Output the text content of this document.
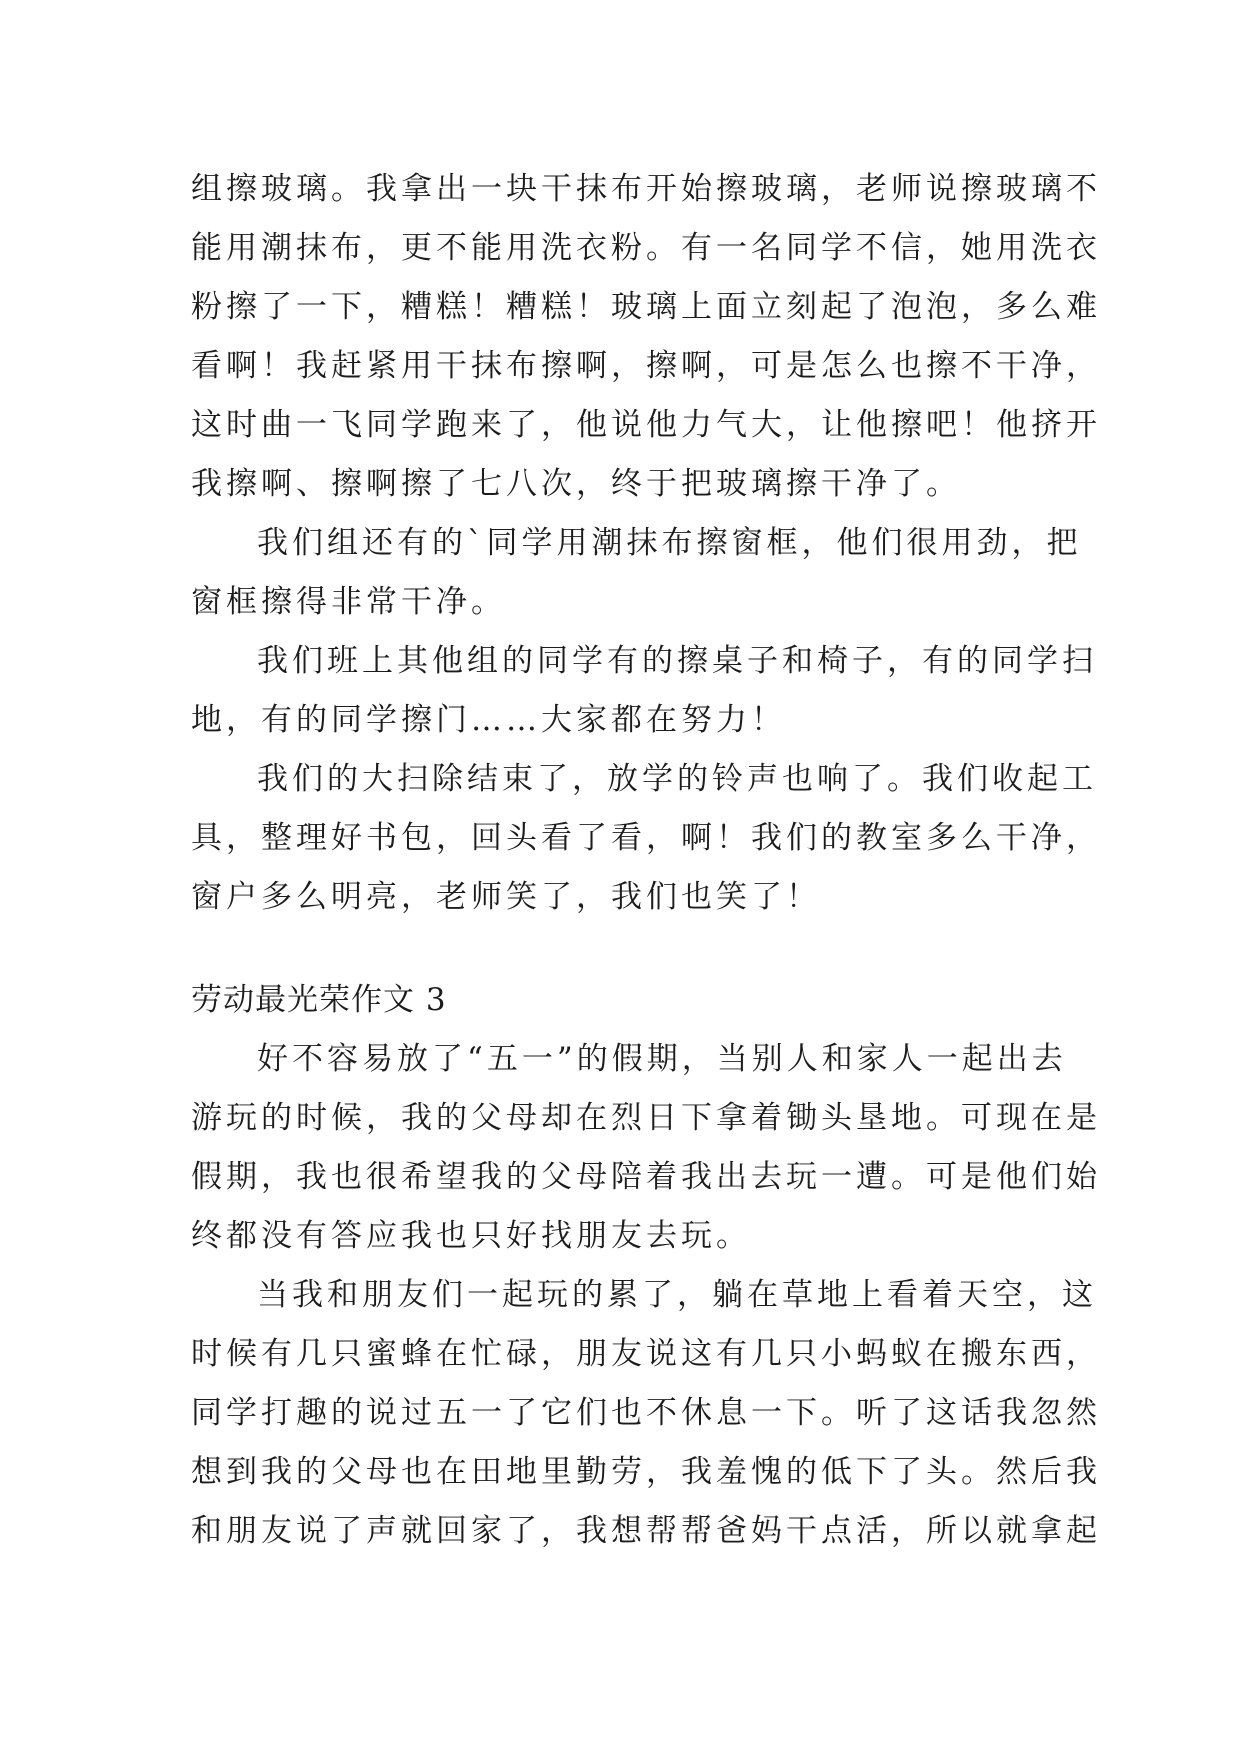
组擦玻璃。我拿出一块干抹布开始擦玻璃，老师说擦玻璃不
能用潮抹布，更不能用洗衣粉。有一名同学不信，她用洗衣
粉擦了一下，糟糕！糟糕！玻璃上面立刻起了泡泡，多么难
看啊！我赶紧用干抹布擦啊，擦啊，可是怎么也擦不干净，
这时曲一飞同学跑来了，他说他力气大，让他擦吧！他挤开
我擦啊、擦啊擦了七八次，终于把玻璃擦干净了。
我们组还有的`同学用潮抹布擦窗框，他们很用劲，把
窗框擦得非常干净。
我们班上其他组的同学有的擦桌子和椅子，有的同学扫
地，有的同学擦门……大家都在努力！
我们的大扫除结束了，放学的铃声也响了。我们收起工
具，整理好书包，回头看了看，啊！我们的教室多么干净，
窗户多么明亮，老师笑了，我们也笑了！
劳动最光荣作文 3
好不容易放了“五一”的假期，当别人和家人一起出去
游玩的时候，我的父母却在烈日下拿着锄头垦地。可现在是
假期，我也很希望我的父母陪着我出去玩一遭。可是他们始
终都没有答应我也只好找朋友去玩。
当我和朋友们一起玩的累了，躺在草地上看着天空，这
时候有几只蜜蜂在忙碌，朋友说这有几只小蚂蚁在搬东西，
同学打趣的说过五一了它们也不休息一下。听了这话我忽然
想到我的父母也在田地里勤劳，我羞愧的低下了头。然后我
和朋友说了声就回家了，我想帮帮爸妈干点活，所以就拿起
